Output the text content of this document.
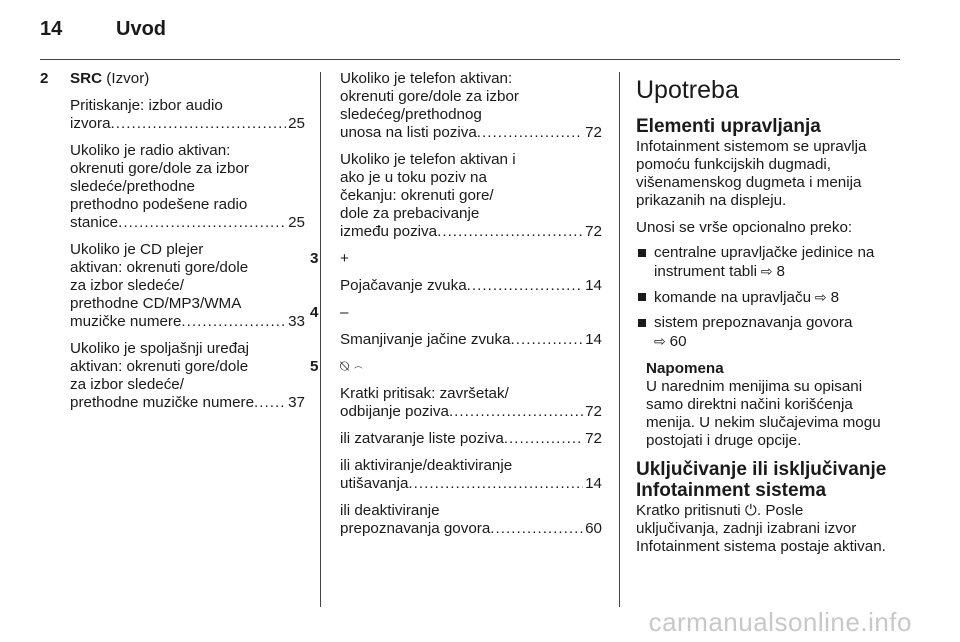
14	Uvod
2 SRC (Izvor)

Pritiskanje: izbor audio
izvora . . .	25

Ukoliko je radio aktivan:
okrenuti gore/dole za izbor
sledeće/prethodne
prethodno podešene radio
stanice . . .	25

Ukoliko je CD plejer
aktivan: okrenuti gore/dole
za izbor sledeće/
prethodne CD/MP3/WMA
muzičke numere . . .	33

Ukoliko je spoljašnji uređaj
aktivan: okrenuti gore/dole
za izbor sledeće/
prethodne muzičke numere . . . 37

Ukoliko je telefon aktivan:
okrenuti gore/dole za izbor
sledećeg/prethodnog
unosa na listi poziva . . .	72

Ukoliko je telefon aktivan i
ako je u toku poziv na
čekanju: okrenuti gore/
dole za prebacivanje
između poziva . . .	72

3 +

Pojačavanje zvuka . . .	14

4 –

Smanjivanje jačine zvuka . . .	14

5 ⍉ ⌢

Kratki pritisak: završetak/
odbijanje poziva . . .	72

ili zatvaranje liste poziva . . .	72

ili aktiviranje/deaktiviranje
utišavanja . . .	14

ili deaktiviranje
prepoznavanja govora . . .	60

Upotreba
Elementi upravljanja

Infotainment sistemom se upravlja
pomoću funkcijskih dugmadi,
višenamenskog dugmeta i menija
prikazanih na displeju.

Unosi se vrše opcionalno preko:

centralne upravljačke jedinice na
instrument tabli ⇨ 8
komande na upravljaču ⇨ 8
sistem prepoznavanja govora
⇨ 60
Napomena
U narednim menijima su opisani
samo direktni načini korišćenja
menija. U nekim slučajevima mogu
postojati i druge opcije.
Uključivanje ili isključivanje
Infotainment sistema

Kratko pritisnuti ⏻. Posle
uključivanja, zadnji izabrani izvor
Infotainment sistema postaje aktivan.

carmanualsonline.info
